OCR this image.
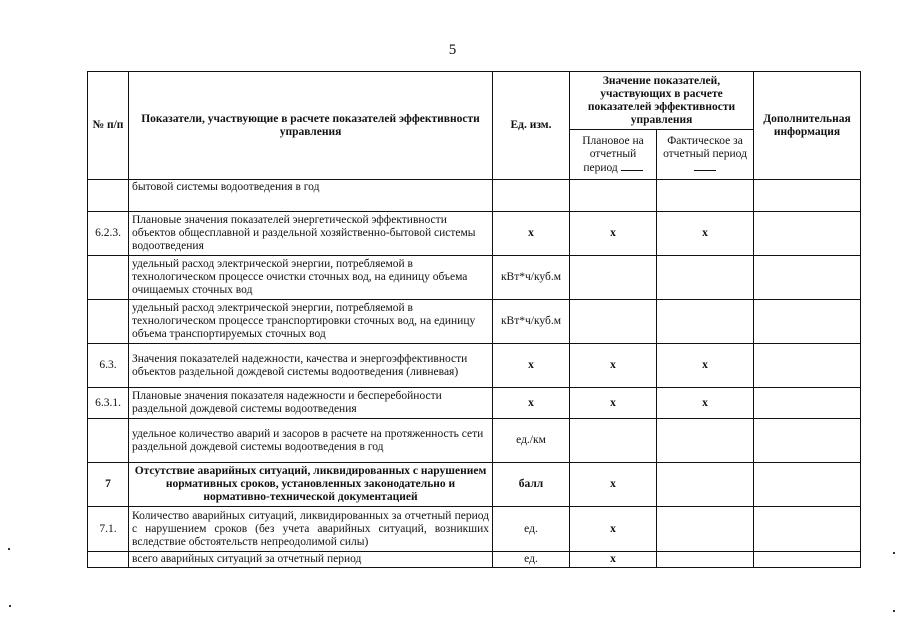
5
№ п/п	Показатели, участвующие в расчете показателей эффективности управления	Ед. изм.	Значение показателей, участвующих в расчете показателей эффективности управления		Дополнительная информация
			Плановое на отчетный период	Фактическое за отчетный период	
	бытовой системы водоотведения в год				
6.2.3.	Плановые значения показателей энергетической эффективности объектов общесплавной и раздельной хозяйственно-бытовой системы водоотведения	х	х	х	
	удельный расход электрической энергии, потребляемой в технологическом процессе очистки сточных вод, на единицу объема очищаемых сточных вод	кВт*ч/куб.м			
	удельный расход электрической энергии, потребляемой в технологическом процессе транспортировки сточных вод, на единицу объема транспортируемых сточных вод	кВт*ч/куб.м			
6.3.	Значения показателей надежности, качества и энергоэффективности объектов раздельной дождевой системы водоотведения (ливневая)	х	х	х	
6.3.1.	Плановые значения показателя надежности и бесперебойности раздельной дождевой системы водоотведения	х	х	х	
	удельное количество аварий и засоров в расчете на протяженность сети раздельной дождевой системы водоотведения в год	ед./км			
7	Отсутствие аварийных ситуаций, ликвидированных с нарушением нормативных сроков, установленных законодательно и нормативно-технической документацией	балл	х		
7.1.	Количество аварийных ситуаций, ликвидированных за отчетный период с нарушением сроков (без учета аварийных ситуаций, возникших вследствие обстоятельств непреодолимой силы)	ед.	х		
	всего аварийных ситуаций за отчетный период	ед.	х		
